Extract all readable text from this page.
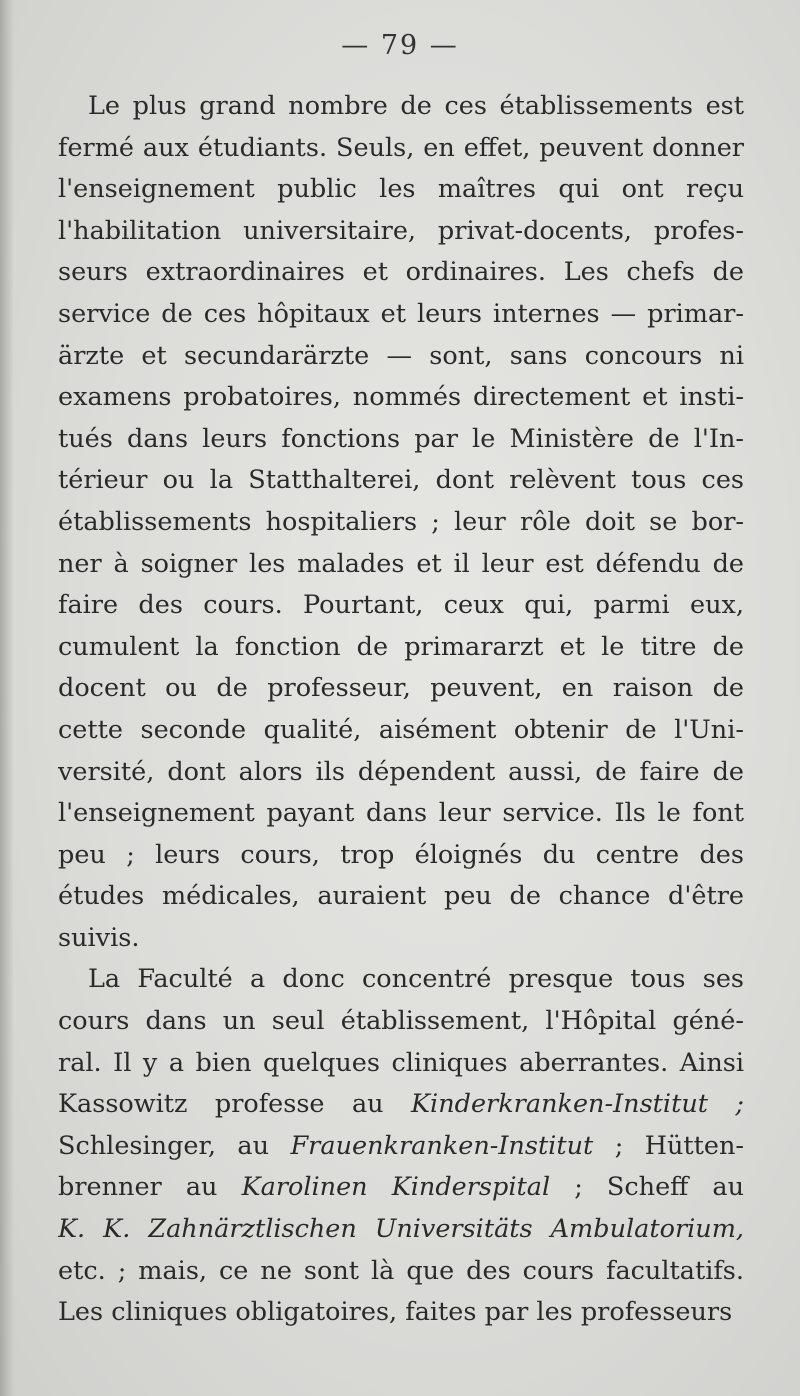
— 79 —
Le plus grand nombre de ces établissements est
fermé aux étudiants. Seuls, en effet, peuvent donner
l'enseignement public les maîtres qui ont reçu
l'habilitation universitaire, privat-docents, profes-
seurs extraordinaires et ordinaires. Les chefs de
service de ces hôpitaux et leurs internes — primar-
ärzte et secundarärzte — sont, sans concours ni
examens probatoires, nommés directement et insti-
tués dans leurs fonctions par le Ministère de l'In-
térieur ou la Statthalterei, dont relèvent tous ces
établissements hospitaliers ; leur rôle doit se bor-
ner à soigner les malades et il leur est défendu de
faire des cours. Pourtant, ceux qui, parmi eux,
cumulent la fonction de primararzt et le titre de
docent ou de professeur, peuvent, en raison de
cette seconde qualité, aisément obtenir de l'Uni-
versité, dont alors ils dépendent aussi, de faire de
l'enseignement payant dans leur service. Ils le font
peu ; leurs cours, trop éloignés du centre des
études médicales, auraient peu de chance d'être
suivis.
La Faculté a donc concentré presque tous ses
cours dans un seul établissement, l'Hôpital géné-
ral. Il y a bien quelques cliniques aberrantes. Ainsi
Kassowitz professe au Kinderkranken-Institut ;
Schlesinger, au Frauenkranken-Institut ; Hütten-
brenner au Karolinen Kinderspital ; Scheff au
K. K. Zahnärztlischen Universitäts Ambulatorium,
etc. ; mais, ce ne sont là que des cours facultatifs.
Les cliniques obligatoires, faites par les professeurs
